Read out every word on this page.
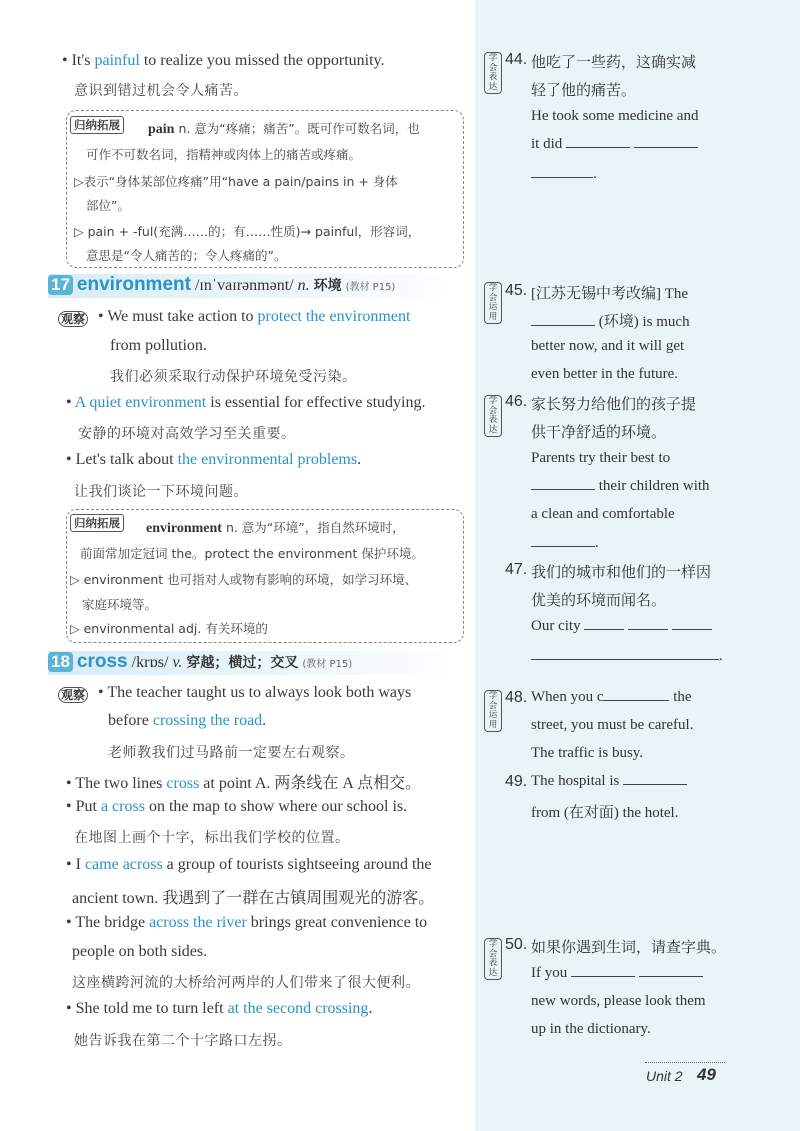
• It's painful to realize you missed the opportunity.
意识到错过机会令人痛苦。
归纳拓展 pain n. 意为“疼痛；痛苦”。既可作可数名词，也
可作不可数名词，指精神或肉体上的痛苦或疼痛。
▷表示“身体某部位疼痛”用“have a pain/pains in + 身体
部位”。
▷ pain + -ful(充满……的；有……性质)→ painful，形容词，
意思是“令人痛苦的；令人疼痛的”。
17 environment /ɪnˈvaɪrənmənt/ n. 环境 (教材 P15)
观察 • We must take action to protect the environment
from pollution.
我们必须采取行动保护环境免受污染。
• A quiet environment is essential for effective studying.
安静的环境对高效学习至关重要。
• Let's talk about the environmental problems.
让我们谈论一下环境问题。
归纳拓展 environment n. 意为“环境”，指自然环境时，
前面常加定冠词 the。protect the environment 保护环境。
▷ environment 也可指对人或物有影响的环境，如学习环境、
家庭环境等。
▷ environmental adj. 有关环境的
18 cross /krɒs/ v. 穿越；横过；交叉 (教材 P15)
观察 • The teacher taught us to always look both ways
before crossing the road.
老师教我们过马路前一定要左右观察。
• The two lines cross at point A. 两条线在 A 点相交。
• Put a cross on the map to show where our school is.
在地图上画个十字，标出我们学校的位置。
• I came across a group of tourists sightseeing around the
ancient town. 我遇到了一群在古镇周围观光的游客。
• The bridge across the river brings great convenience to
people on both sides.
这座横跨河流的大桥给河两岸的人们带来了很大便利。
• She told me to turn left at the second crossing.
她告诉我在第二个十字路口左拐。
学会表达
44. 他吃了一些药，这确实减
轻了他的痛苦。
He took some medicine and
it did
.
学会运用
45. [江苏无锡中考改编] The
(环境) is much
better now, and it will get
even better in the future.
学会表达
46. 家长努力给他们的孩子提
供干净舒适的环境。
Parents try their best to
their children with
a clean and comfortable
.
47. 我们的城市和他们的一样因
优美的环境而闻名。
Our city
.
学会运用
48. When you c	the
street, you must be careful.
The traffic is busy.
49. The hospital is
from (在对面) the hotel.
学会表达
50. 如果你遇到生词，请查字典。
If you
new words, please look them
up in the dictionary.
Unit 2 49
